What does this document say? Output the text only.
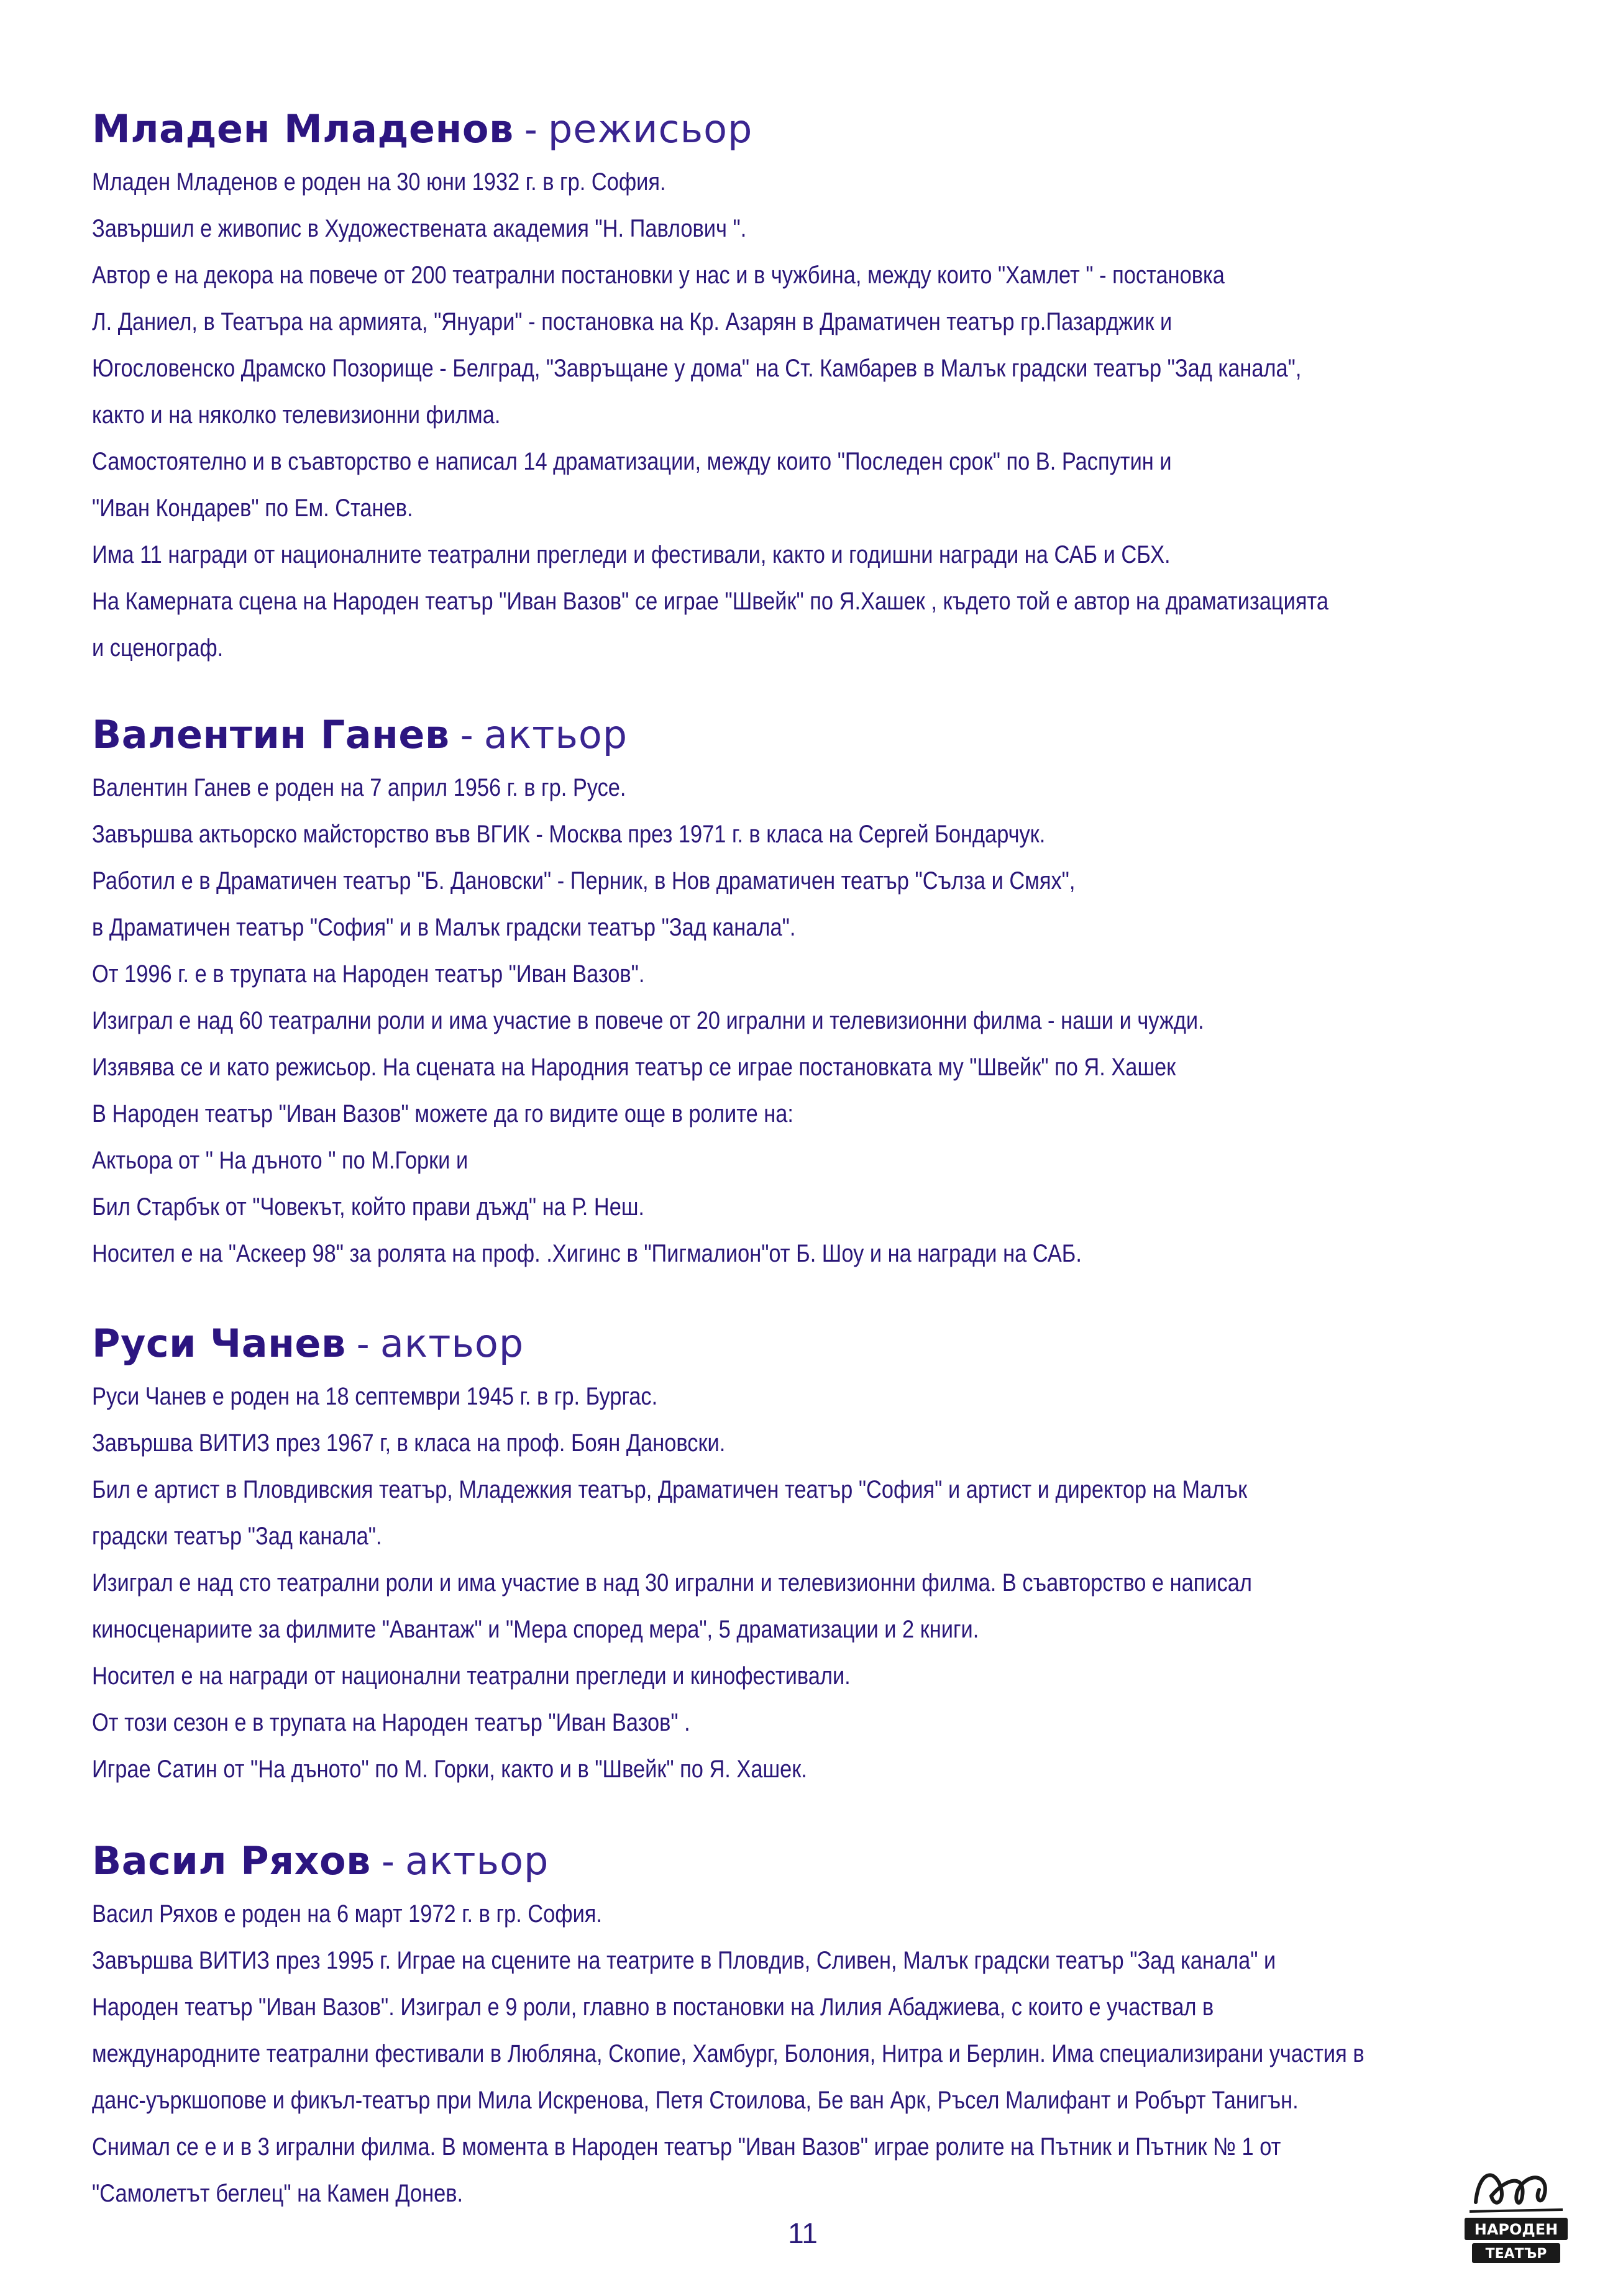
Младен Младенов - режисьор
Младен Младенов е роден на 30 юни 1932 г. в гр. София.
Завършил е живопис в Художествената академия "Н. Павлович ".
Автор е на декора на повече от 200 театрални постановки у нас и в чужбина, между които "Хамлет " - постановка
Л. Даниел, в Театъра на армията, "Януари" - постановка на Кр. Азарян в Драматичен театър гр.Пазарджик и
Югословенско Драмско Позорище - Белград, "Завръщане у дома" на Ст. Камбарев в Малък градски театър "Зад канала",
както и на няколко телевизионни филма.
Самостоятелно и в съавторство е написал 14 драматизации, между които "Последен срок" по В. Распутин и
"Иван Кондарев" по Ем. Станев.
Има 11 награди от националните театрални прегледи и фестивали, както и годишни награди на САБ и СБХ.
На Камерната сцена на Народен театър "Иван Вазов" се играе "Швейк" по Я.Хашек , където той е автор на драматизацията
и сценограф.
Валентин Ганев - актьор
Валентин Ганев е роден на 7 април 1956 г. в гр. Русе.
Завършва актьорско майсторство във ВГИК - Москва през 1971 г. в класа на Сергей Бондарчук.
Работил е в Драматичен театър "Б. Дановски" - Перник, в Нов драматичен театър "Сълза и Смях",
в Драматичен театър "София" и в Малък градски театър "Зад канала".
От 1996 г. е в трупата на Народен театър "Иван Вазов".
Изиграл е над 60 театрални роли и има участие в повече от 20 игрални и телевизионни филма - наши и чужди.
Изявява се и като режисьор. На сцената на Народния театър се играе постановката му "Швейк" по Я. Хашек
В Народен театър "Иван Вазов" можете да го видите още в ролите на:
Актьора от " На дъното " по М.Горки и
Бил Старбък от "Човекът, който прави дъжд" на Р. Неш.
Носител е на "Аскеер 98" за ролята на проф. .Хигинс в "Пигмалион"от Б. Шоу и на награди на САБ.
Руси Чанев - актьор
Руси Чанев е роден на 18 септември 1945 г. в гр. Бургас.
Завършва ВИТИЗ през 1967 г, в класа на проф. Боян Дановски.
Бил е артист в Пловдивския театър, Младежкия театър, Драматичен театър "София" и артист и директор на Малък
градски театър "Зад канала".
Изиграл е над сто театрални роли и има участие в над 30 игрални и телевизионни филма. В съавторство е написал
киносценариите за филмите "Авантаж" и "Мера според мера", 5 драматизации и 2 книги.
Носител е на награди от национални театрални прегледи и кинофестивали.
От този сезон е в трупата на Народен театър "Иван Вазов" .
Играе Сатин от "На дъното" по М. Горки, както и в "Швейк" по Я. Хашек.
Васил Ряхов - актьор
Васил Ряхов е роден на 6 март 1972 г. в гр. София.
Завършва ВИТИЗ през 1995 г. Играе на сцените на театрите в Пловдив, Сливен, Малък градски театър "Зад канала" и
Народен театър "Иван Вазов". Изиграл е 9 роли, главно в постановки на Лилия Абаджиева, с които е участвал в
международните театрални фестивали в Любляна, Скопие, Хамбург, Болония, Нитра и Берлин. Има специализирани участия в
данс-уъркшопове и фикъл-театър при Мила Искренова, Петя Стоилова, Бе ван Арк, Ръсел Малифант и Робърт Танигън.
Снимал се е и в 3 игрални филма. В момента в Народен театър "Иван Вазов" играе ролите на Пътник и Пътник № 1 от
"Самолетът беглец" на Камен Донев.
11	НАРОДЕН
ТЕАТЪР
